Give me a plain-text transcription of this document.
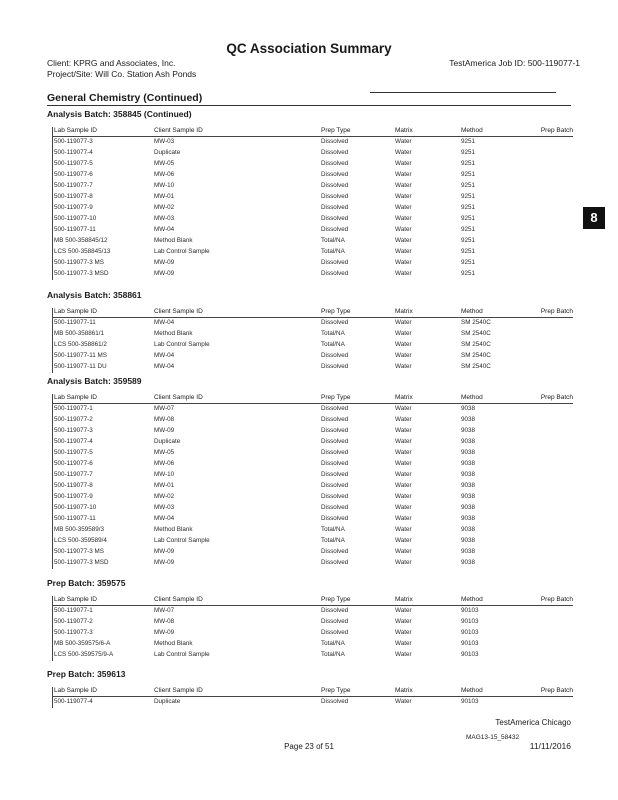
QC Association Summary
Client: KPRG and Associates, Inc.
Project/Site: Will Co. Station Ash Ponds
TestAmerica Job ID: 500-119077-1
General Chemistry (Continued)
Analysis Batch: 358845 (Continued)
Lab Sample ID	Client Sample ID	Prep Type	Matrix	Method	Prep Batch
500-119077-3	MW-03	Dissolved	Water	9251
500-119077-4	Duplicate	Dissolved	Water	9251
500-119077-5	MW-05	Dissolved	Water	9251
500-119077-6	MW-06	Dissolved	Water	9251
500-119077-7	MW-10	Dissolved	Water	9251
500-119077-8	MW-01	Dissolved	Water	9251
500-119077-9	MW-02	Dissolved	Water	9251
500-119077-10	MW-03	Dissolved	Water	9251
500-119077-11	MW-04	Dissolved	Water	9251
MB 500-358845/12	Method Blank	Total/NA	Water	9251
LCS 500-358845/13	Lab Control Sample	Total/NA	Water	9251
500-119077-3 MS	MW-09	Dissolved	Water	9251
500-119077-3 MSD	MW-09	Dissolved	Water	9251
Analysis Batch: 358861
Lab Sample ID	Client Sample ID	Prep Type	Matrix	Method	Prep Batch
500-119077-11	MW-04	Dissolved	Water	SM 2540C
MB 500-358861/1	Method Blank	Total/NA	Water	SM 2540C
LCS 500-358861/2	Lab Control Sample	Total/NA	Water	SM 2540C
500-119077-11 MS	MW-04	Dissolved	Water	SM 2540C
500-119077-11 DU	MW-04	Dissolved	Water	SM 2540C
Analysis Batch: 359589
Lab Sample ID	Client Sample ID	Prep Type	Matrix	Method	Prep Batch
500-119077-1	MW-07	Dissolved	Water	9038
500-119077-2	MW-08	Dissolved	Water	9038
500-119077-3	MW-09	Dissolved	Water	9038
500-119077-4	Duplicate	Dissolved	Water	9038
500-119077-5	MW-05	Dissolved	Water	9038
500-119077-6	MW-06	Dissolved	Water	9038
500-119077-7	MW-10	Dissolved	Water	9038
500-119077-8	MW-01	Dissolved	Water	9038
500-119077-9	MW-02	Dissolved	Water	9038
500-119077-10	MW-03	Dissolved	Water	9038
500-119077-11	MW-04	Dissolved	Water	9038
MB 500-359589/3	Method Blank	Total/NA	Water	9038
LCS 500-359589/4	Lab Control Sample	Total/NA	Water	9038
500-119077-3 MS	MW-09	Dissolved	Water	9038
500-119077-3 MSD	MW-09	Dissolved	Water	9038
Prep Batch: 359575
Lab Sample ID	Client Sample ID	Prep Type	Matrix	Method	Prep Batch
500-119077-1	MW-07	Dissolved	Water	90103
500-119077-2	MW-08	Dissolved	Water	90103
500-119077-3	MW-09	Dissolved	Water	90103
MB 500-359575/6-A	Method Blank	Total/NA	Water	90103
LCS 500-359575/9-A	Lab Control Sample	Total/NA	Water	90103
Prep Batch: 359613
Lab Sample ID	Client Sample ID	Prep Type	Matrix	Method	Prep Batch
500-119077-4	Duplicate	Dissolved	Water	90103
8
TestAmerica Chicago
MAG13-15_58432
Page 23 of 51	11/11/2016
